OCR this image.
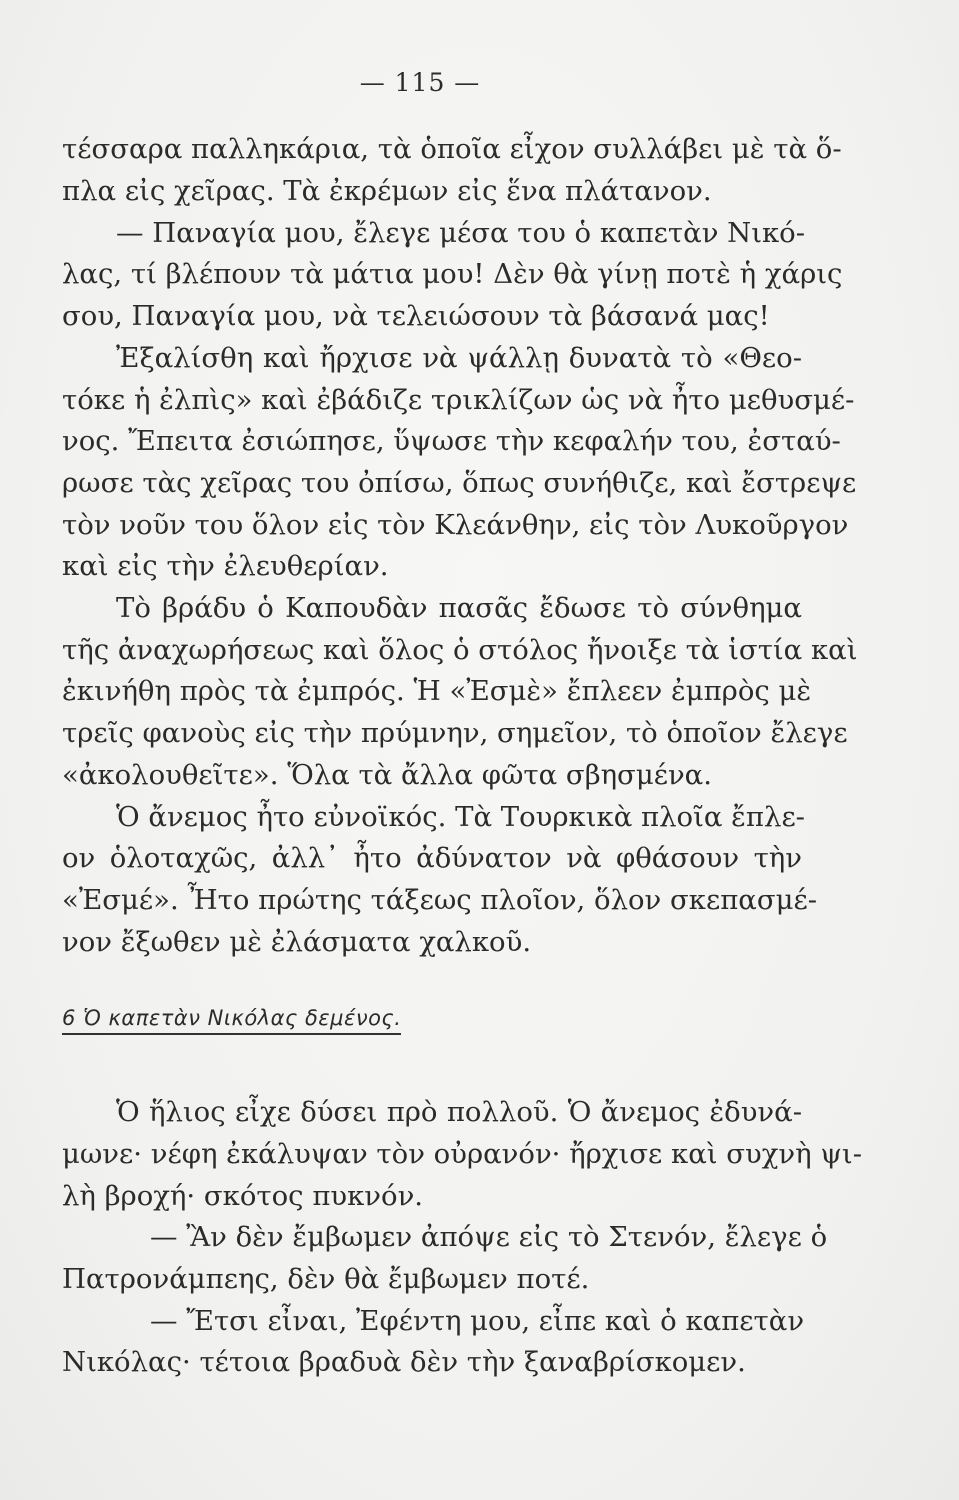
— 115 —
τέσσαρα παλληκάρια, τὰ ὁποῖα εἶχον συλλάβει μὲ τὰ ὅ-
πλα εἰς χεῖρας. Τὰ ἐκρέμων εἰς ἕνα πλάτανον.
— Παναγία μου, ἔλεγε μέσα του ὁ καπετὰν Νικό-
λας, τί βλέπουν τὰ μάτια μου! Δὲν θὰ γίνῃ ποτὲ ἡ χάρις
σου, Παναγία μου, νὰ τελειώσουν τὰ βάσανά μας!
Ἐξαλίσθη καὶ ἤρχισε νὰ ψάλλῃ δυνατὰ τὸ «Θεο-
τόκε ἡ ἐλπὶς» καὶ ἐβάδιζε τρικλίζων ὡς νὰ ἦτο μεθυσμέ-
νος. Ἔπειτα ἐσιώπησε, ὕψωσε τὴν κεφαλήν του, ἐσταύ-
ρωσε τὰς χεῖρας του ὀπίσω, ὅπως συνήθιζε, καὶ ἔστρεψε
τὸν νοῦν του ὅλον εἰς τὸν Κλεάνθην, εἰς τὸν Λυκοῦργον
καὶ εἰς τὴν ἐλευθερίαν.
Τὸ βράδυ ὁ Καπουδὰν πασᾶς ἔδωσε τὸ σύνθημα
τῆς ἀναχωρήσεως καὶ ὅλος ὁ στόλος ἤνοιξε τὰ ἱστία καὶ
ἐκινήθη πρὸς τὰ ἐμπρός. Ἡ «Ἐσμὲ» ἔπλεεν ἐμπρὸς μὲ
τρεῖς φανοὺς εἰς τὴν πρύμνην, σημεῖον, τὸ ὁποῖον ἔλεγε
«ἀκολουθεῖτε». Ὅλα τὰ ἄλλα φῶτα σβησμένα.
Ὁ ἄνεμος ἦτο εὐνοϊκός. Τὰ Τουρκικὰ πλοῖα ἔπλε-
ον ὁλοταχῶς, ἀλλ᾿ ἦτο ἀδύνατον νὰ φθάσουν τὴν
«Ἐσμέ». Ἦτο πρώτης τάξεως πλοῖον, ὅλον σκεπασμέ-
νον ἔξωθεν μὲ ἐλάσματα χαλκοῦ.
6 Ὁ καπετὰν Νικόλας δεμένος.
Ὁ ἥλιος εἶχε δύσει πρὸ πολλοῦ. Ὁ ἄνεμος ἐδυνά-
μωνε· νέφη ἐκάλυψαν τὸν οὐρανόν· ἤρχισε καὶ συχνὴ ψι-
λὴ βροχή· σκότος πυκνόν.
— Ἂν δὲν ἔμβωμεν ἀπόψε εἰς τὸ Στενόν, ἔλεγε ὁ
Πατρονάμπεης, δὲν θὰ ἔμβωμεν ποτέ.
— Ἔτσι εἶναι, Ἐφέντη μου, εἶπε καὶ ὁ καπετὰν
Νικόλας· τέτοια βραδυὰ δὲν τὴν ξαναβρίσκομεν.
